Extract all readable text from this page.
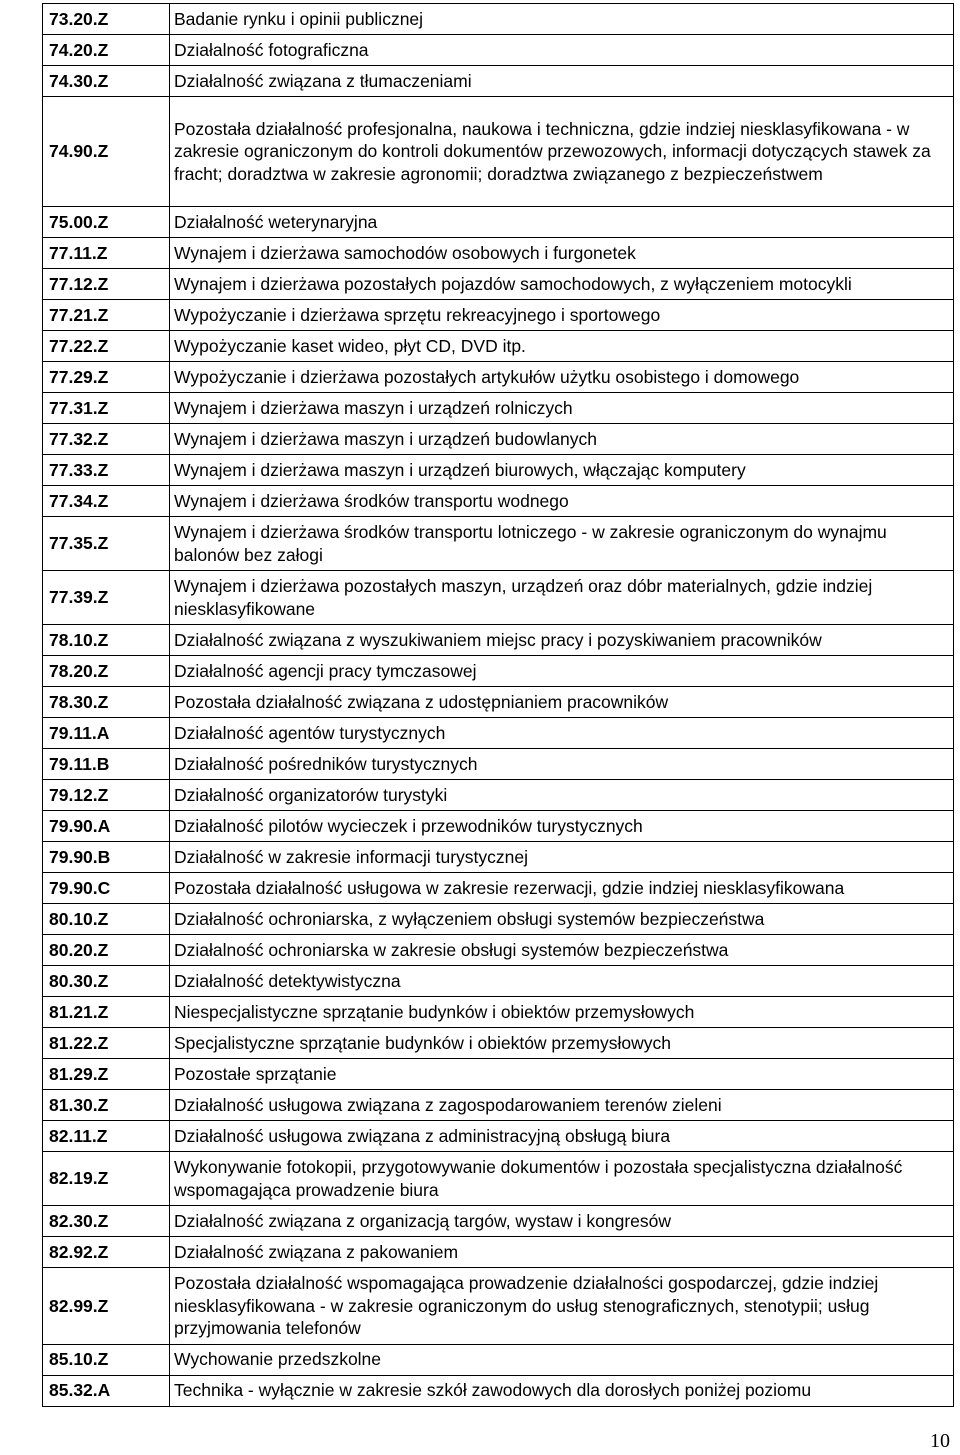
73.20.Z	Badanie rynku i opinii publicznej
74.20.Z	Działalność fotograficzna
74.30.Z	Działalność związana z tłumaczeniami
74.90.Z	Pozostała działalność profesjonalna, naukowa i techniczna, gdzie indziej niesklasyfikowana - w zakresie ograniczonym do kontroli dokumentów przewozowych, informacji dotyczących stawek za fracht; doradztwa w zakresie agronomii; doradztwa związanego z bezpieczeństwem
75.00.Z	Działalność weterynaryjna
77.11.Z	Wynajem i dzierżawa samochodów osobowych i furgonetek
77.12.Z	Wynajem i dzierżawa pozostałych pojazdów samochodowych, z wyłączeniem motocykli
77.21.Z	Wypożyczanie i dzierżawa sprzętu rekreacyjnego i sportowego
77.22.Z	Wypożyczanie kaset wideo, płyt CD, DVD itp.
77.29.Z	Wypożyczanie i dzierżawa pozostałych artykułów użytku osobistego i domowego
77.31.Z	Wynajem i dzierżawa maszyn i urządzeń rolniczych
77.32.Z	Wynajem i dzierżawa maszyn i urządzeń budowlanych
77.33.Z	Wynajem i dzierżawa maszyn i urządzeń biurowych, włączając komputery
77.34.Z	Wynajem i dzierżawa środków transportu wodnego
77.35.Z	Wynajem i dzierżawa środków transportu lotniczego - w zakresie ograniczonym do wynajmu balonów bez załogi
77.39.Z	Wynajem i dzierżawa pozostałych maszyn, urządzeń oraz dóbr materialnych, gdzie indziej niesklasyfikowane
78.10.Z	Działalność związana z wyszukiwaniem miejsc pracy i pozyskiwaniem pracowników
78.20.Z	Działalność agencji pracy tymczasowej
78.30.Z	Pozostała działalność związana z udostępnianiem pracowników
79.11.A	Działalność agentów turystycznych
79.11.B	Działalność pośredników turystycznych
79.12.Z	Działalność organizatorów turystyki
79.90.A	Działalność pilotów wycieczek i przewodników turystycznych
79.90.B	Działalność w zakresie informacji turystycznej
79.90.C	Pozostała działalność usługowa w zakresie rezerwacji, gdzie indziej niesklasyfikowana
80.10.Z	Działalność ochroniarska, z wyłączeniem obsługi systemów bezpieczeństwa
80.20.Z	Działalność ochroniarska w zakresie obsługi systemów bezpieczeństwa
80.30.Z	Działalność detektywistyczna
81.21.Z	Niespecjalistyczne sprzątanie budynków i obiektów przemysłowych
81.22.Z	Specjalistyczne sprzątanie budynków i obiektów przemysłowych
81.29.Z	Pozostałe sprzątanie
81.30.Z	Działalność usługowa związana z zagospodarowaniem terenów zieleni
82.11.Z	Działalność usługowa związana z administracyjną obsługą biura
82.19.Z	Wykonywanie fotokopii, przygotowywanie dokumentów i pozostała specjalistyczna działalność wspomagająca prowadzenie biura
82.30.Z	Działalność związana z organizacją targów, wystaw i kongresów
82.92.Z	Działalność związana z pakowaniem
82.99.Z	Pozostała działalność wspomagająca prowadzenie działalności gospodarczej, gdzie indziej niesklasyfikowana - w zakresie ograniczonym do usług stenograficznych, stenotypii; usług przyjmowania telefonów
85.10.Z	Wychowanie przedszkolne
85.32.A	Technika - wyłącznie w zakresie szkół zawodowych dla dorosłych poniżej poziomu
10
